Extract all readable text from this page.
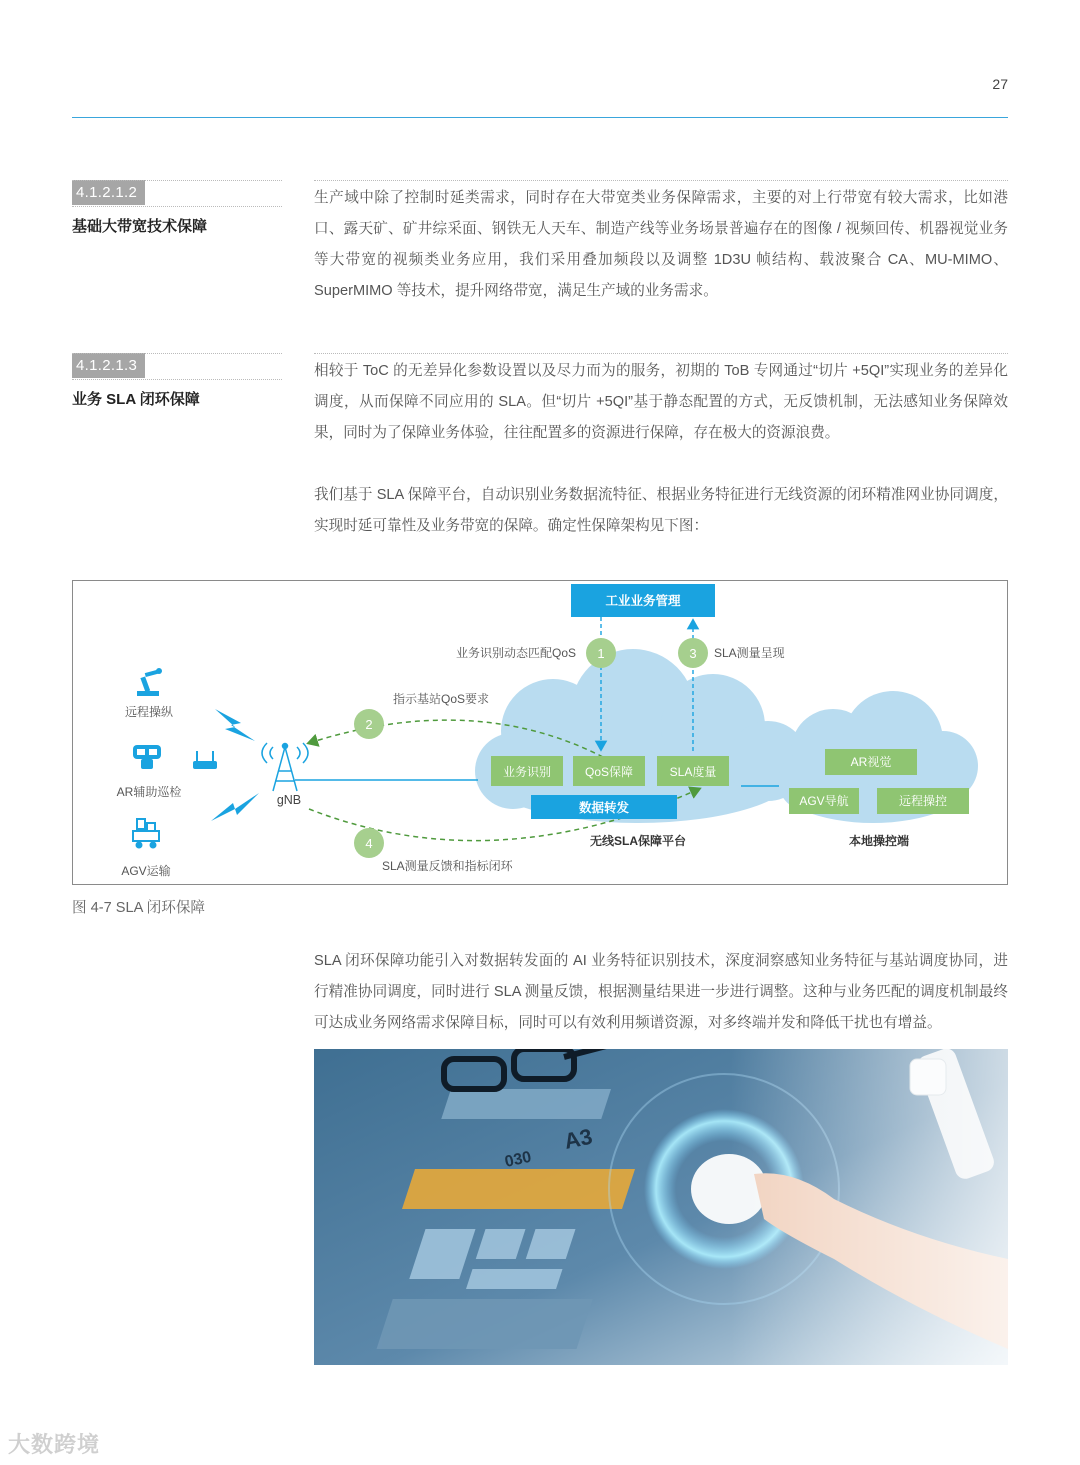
27
4.1.2.1.2
基础大带宽技术保障

生产域中除了控制时延类需求，同时存在大带宽类业务保障需求，主要的对上行带宽有较大需求，比如港口、露天矿、矿井综采面、钢铁无人天车、制造产线等业务场景普遍存在的图像 / 视频回传、机器视觉业务等大带宽的视频类业务应用，我们采用叠加频段以及调整 1D3U 帧结构、载波聚合 CA、MU-MIMO、SuperMIMO 等技术，提升网络带宽，满足生产域的业务需求。

4.1.2.1.3
业务 SLA 闭环保障

相较于 ToC 的无差异化参数设置以及尽力而为的服务，初期的 ToB 专网通过“切片 +5QI”实现业务的差异化调度，从而保障不同应用的 SLA。但“切片 +5QI”基于静态配置的方式，无反馈机制，无法感知业务保障效果，同时为了保障业务体验，往往配置多的资源进行保障，存在极大的资源浪费。

我们基于 SLA 保障平台，自动识别业务数据流特征、根据业务特征进行无线资源的闭环精准网业协同调度，实现时延可靠性及业务带宽的保障。确定性保障架构见下图：

工业业务管理
1
业务识别动态匹配QoS	3 SLA测量呈现
2
指示基站QoS要求
4
SLA测量反馈和指标闭环
业务识别	QoS保障	SLA度量
数据转发
无线SLA保障平台
AR视觉
AGV导航	远程操控
本地操控端
gNB
远程操纵
AR辅助巡检
AGV运输
图 4-7 SLA 闭环保障

SLA 闭环保障功能引入对数据转发面的 AI 业务特征识别技术，深度洞察感知业务特征与基站调度协同，进行精准协同调度，同时进行 SLA 测量反馈，根据测量结果进一步进行调整。这种与业务匹配的调度机制最终可达成业务网络需求保障目标，同时可以有效利用频谱资源，对多终端并发和降低干扰也有增益。

大数跨境
